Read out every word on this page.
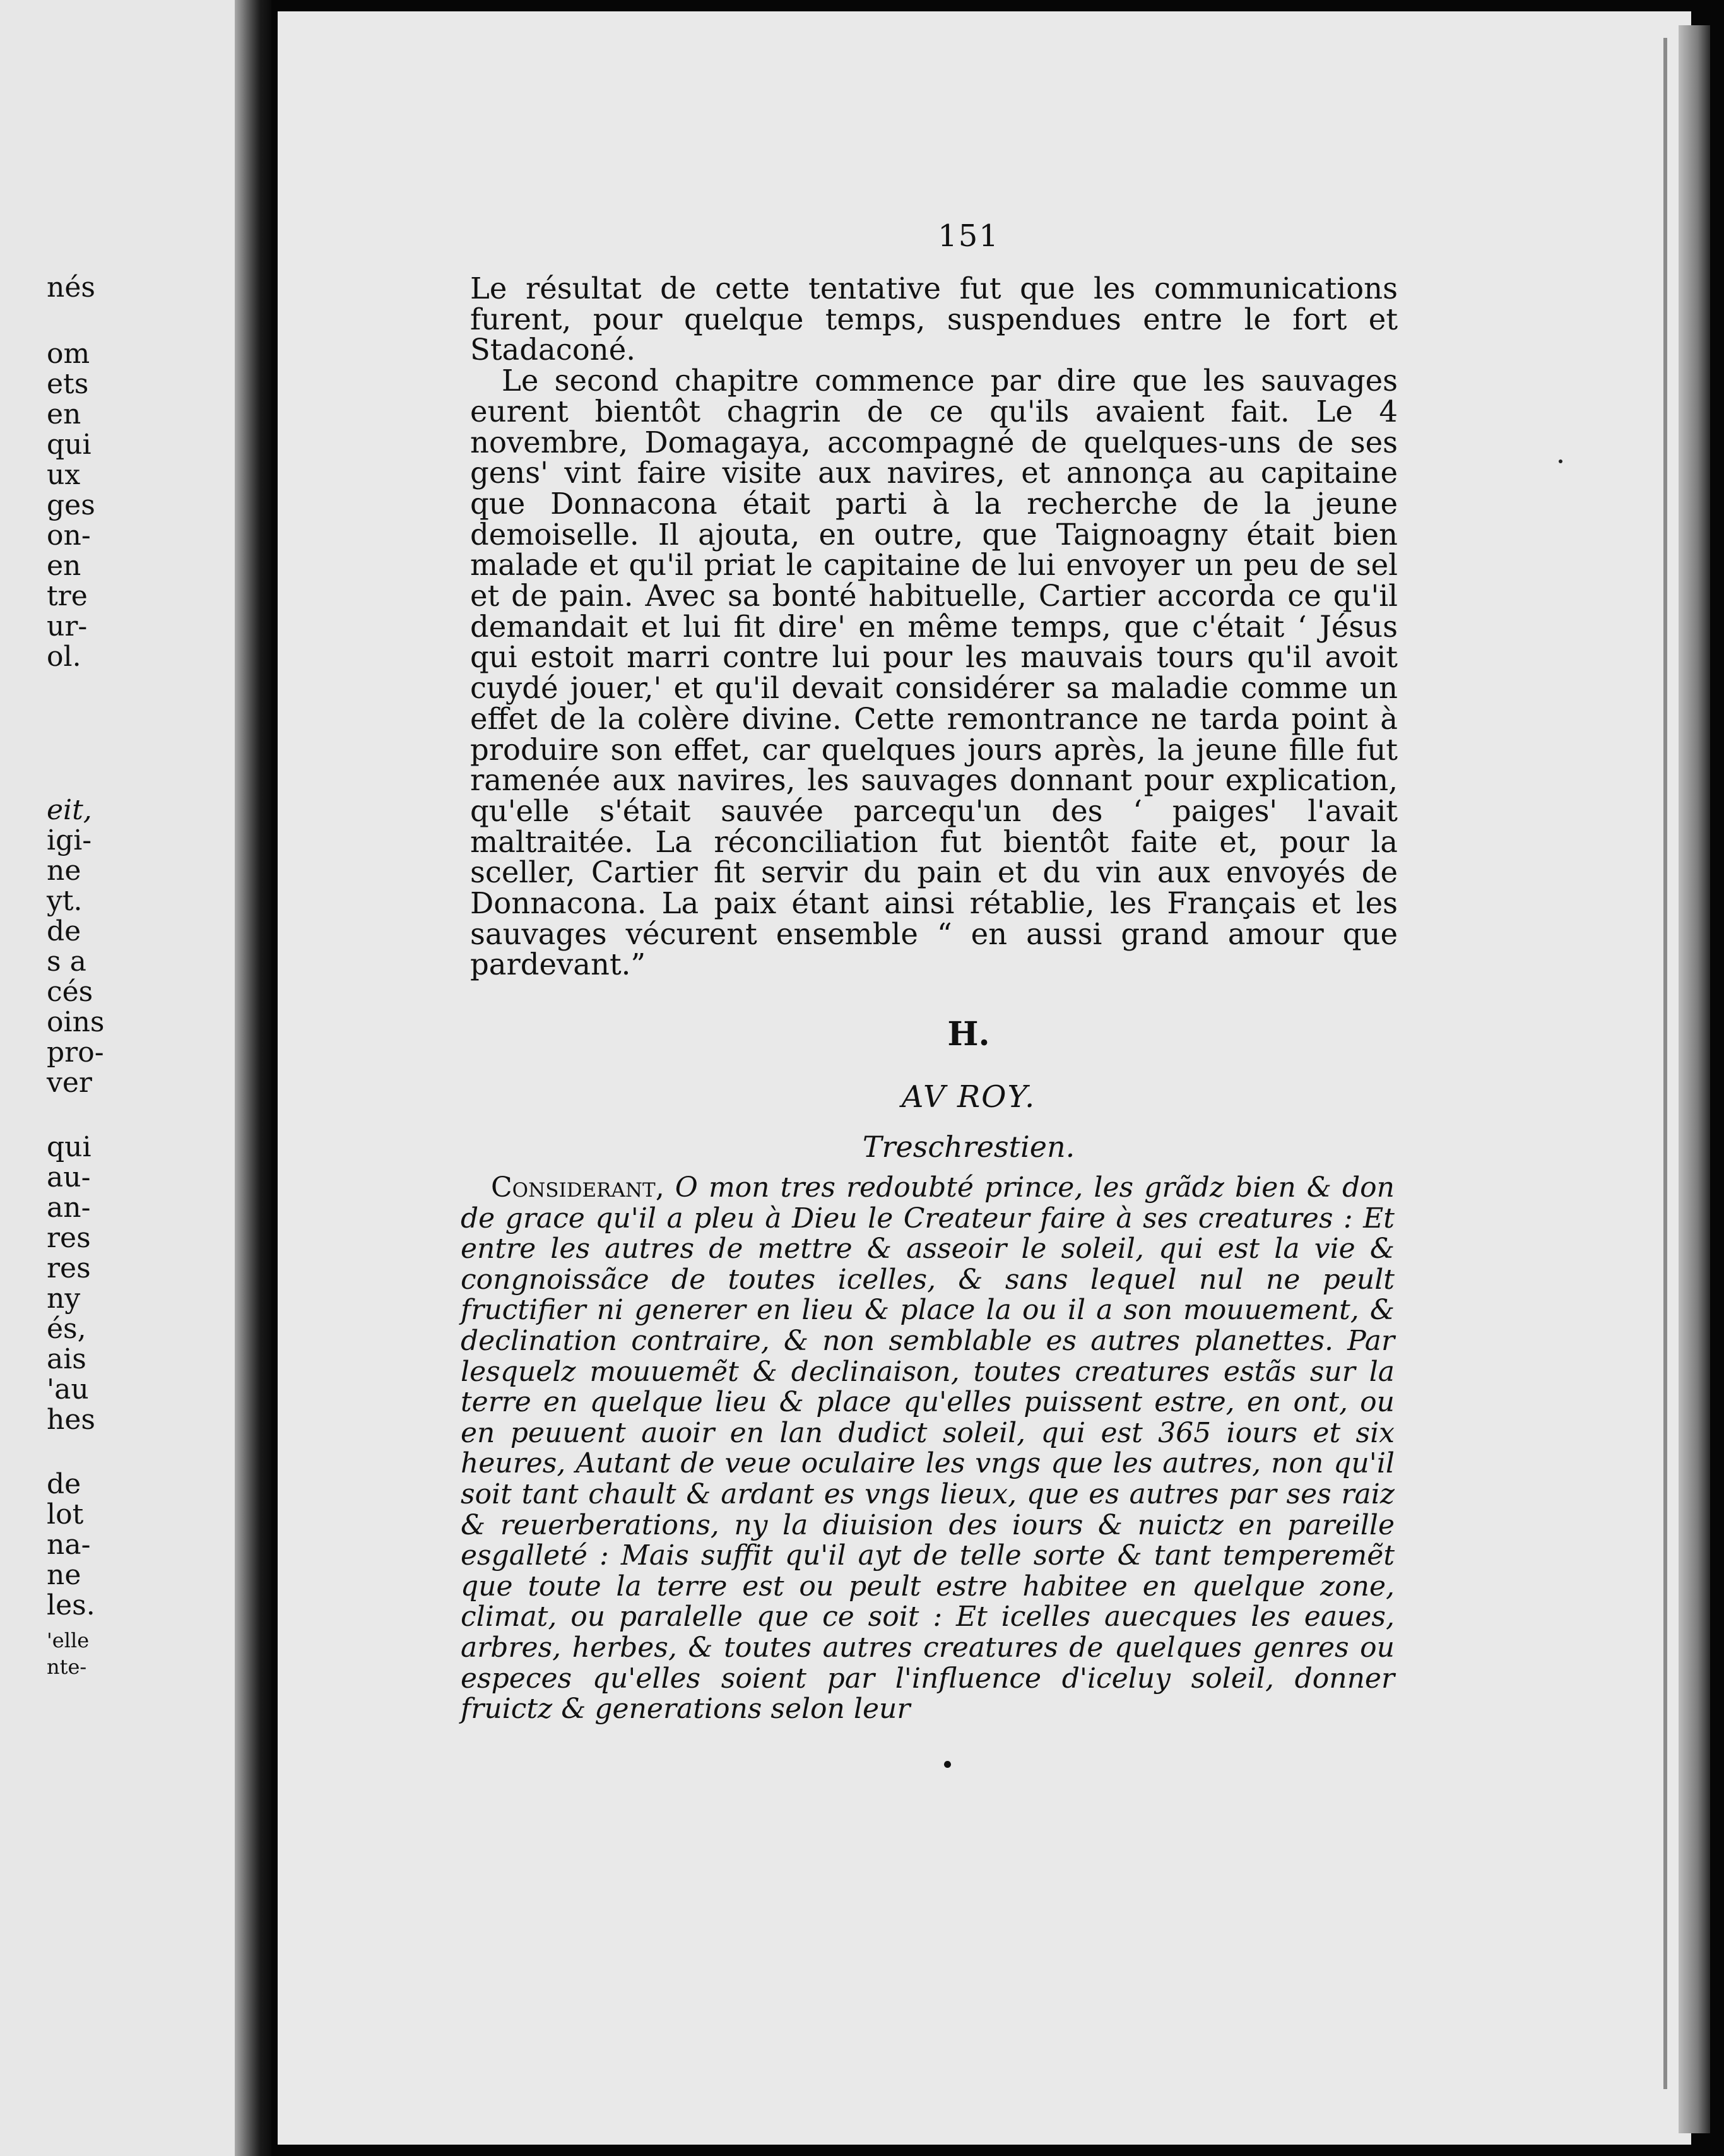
nés
om
ets
en
qui
ux
ges
on-
en
tre
ur-
ol.
eit,
igi-
ne
yt.
de
s a
cés
oins
pro-
ver
qui
au-
an-
res
res
ny
és,
ais
'au
hes
de
lot
na-
ne
les.
'elle
nte-
151

Le résultat de cette tentative fut que les communications furent, pour quelque temps, suspendues entre le fort et Stadaconé.

Le second chapitre commence par dire que les sauvages eurent bientôt chagrin de ce qu'ils avaient fait. Le 4 novembre, Domagaya, accompagné de quelques-uns de ses gens' vint faire visite aux navires, et annonça au capitaine que Donnacona était parti à la recherche de la jeune demoiselle. Il ajouta, en outre, que Taignoagny était bien malade et qu'il priat le capitaine de lui envoyer un peu de sel et de pain. Avec sa bonté habituelle, Cartier accorda ce qu'il demandait et lui fit dire' en même temps, que c'était ‘ Jésus qui estoit marri contre lui pour les mauvais tours qu'il avoit cuydé jouer,' et qu'il devait considérer sa maladie comme un effet de la colère divine. Cette remontrance ne tarda point à produire son effet, car quelques jours après, la jeune fille fut ramenée aux navires, les sauvages donnant pour explication, qu'elle s'était sauvée parcequ'un des ‘ paiges' l'avait maltraitée. La réconciliation fut bientôt faite et, pour la sceller, Cartier fit servir du pain et du vin aux envoyés de Donnacona. La paix étant ainsi rétablie, les Français et les sauvages vécurent ensemble “ en aussi grand amour que pardevant.”

H.
AV ROY.
Treschrestien.

Considerant, O mon tres redoubté prince, les grãdz bien & don de grace qu'il a pleu à Dieu le Createur faire à ses creatures : Et entre les autres de mettre & asseoir le soleil, qui est la vie & congnoissãce de toutes icelles, & sans lequel nul ne peult fructifier ni generer en lieu & place la ou il a son mouuement, & declination contraire, & non semblable es autres planettes. Par lesquelz mouuemẽt & declinaison, toutes creatures estãs sur la terre en quelque lieu & place qu'elles puissent estre, en ont, ou en peuuent auoir en lan dudict soleil, qui est 365 iours et six heures, Autant de veue oculaire les vngs que les autres, non qu'il soit tant chault & ardant es vngs lieux, que es autres par ses raiz & reuerberations, ny la diuision des iours & nuictz en pareille esgalleté : Mais suffit qu'il ayt de telle sorte & tant temperemẽt que toute la terre est ou peult estre habitee en quelque zone, climat, ou paralelle que ce soit : Et icelles auecques les eaues, arbres, herbes, & toutes autres creatures de quelques genres ou especes qu'elles soient par l'influence d'iceluy soleil, donner fruictz & generations selon leur
